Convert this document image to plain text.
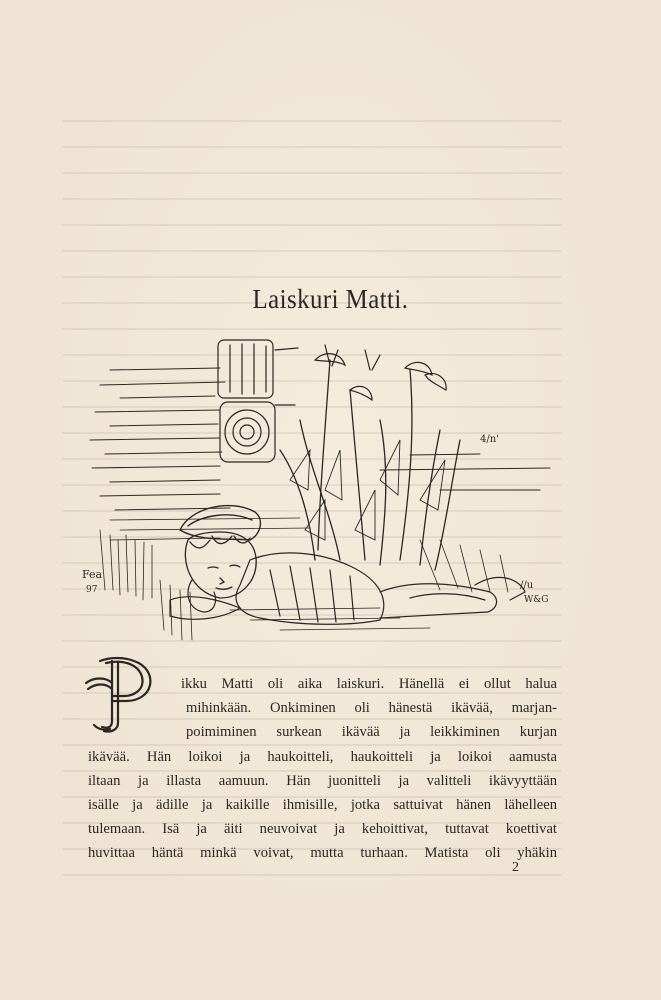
Laiskuri Matti.
4/n'
Fea
97	//u
W&G
P
ikku Matti oli aika laiskuri. Hänellä ei ollut halua
mihinkään. Onkiminen oli hänestä ikävää, marjan-
poimiminen surkean ikävää ja leikkiminen kurjan
ikävää. Hän loikoi ja haukoitteli, haukoitteli ja loikoi aamusta
iltaan ja illasta aamuun. Hän juonitteli ja valitteli ikävyyttään
isälle ja ädille ja kaikille ihmisille, jotka sattuivat hänen lähelleen
tulemaan. Isä ja äiti neuvoivat ja kehoittivat, tuttavat koettivat
huvittaa häntä minkä voivat, mutta turhaan. Matista oli yhäkin
2
